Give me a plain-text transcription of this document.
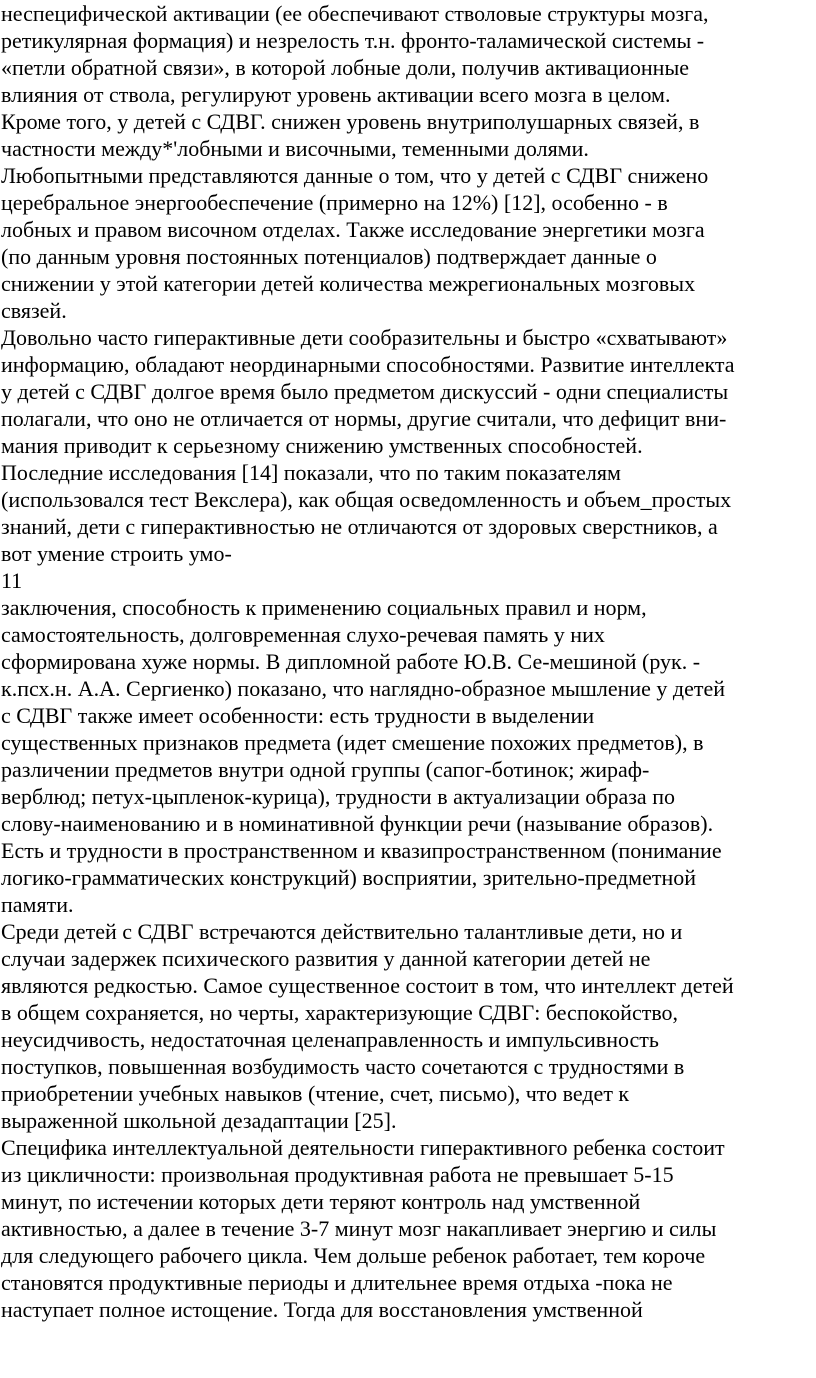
неспецифической активации (ее обеспечивают стволовые структуры мозга,
ретикулярная формация) и незрелость т.н. фронто-таламической системы -
«петли обратной связи», в которой лобные доли, получив активационные
влияния от ствола, регулируют уровень активации всего мозга в целом.
Кроме того, у детей с СДВГ. снижен уровень внутриполушарных связей, в
частности между*'лобными и височными, теменными долями.
Любопытными представляются данные о том, что у детей с СДВГ снижено
церебральное энергообеспечение (примерно на 12%) [12], особенно - в
лобных и правом височном отделах. Также исследование энергетики мозга
(по данным уровня постоянных потенциалов) подтверждает данные о
снижении у этой категории детей количества межрегиональных мозговых
связей.
Довольно часто гиперактивные дети сообразительны и быстро «схватывают»
информацию, обладают неординарными способностями. Развитие интеллекта
у детей с СДВГ долгое время было предметом дискуссий - одни специалисты
полагали, что оно не отличается от нормы, другие считали, что дефицит вни-
мания приводит к серьезному снижению умственных способностей.
Последние исследования [14] показали, что по таким показателям
(использовался тест Векслера), как общая осведомленность и объем_простых
знаний, дети с гиперактивностью не отличаются от здоровых сверстников, а
вот умение строить умо-
11
заключения, способность к применению социальных правил и норм,
самостоятельность, долговременная слухо-речевая память у них
сформирована хуже нормы. В дипломной работе Ю.В. Се-мешиной (рук. -
к.псх.н. А.А. Сергиенко) показано, что наглядно-образное мышление у детей
с СДВГ также имеет особенности: есть трудности в выделении
существенных признаков предмета (идет смешение похожих предметов), в
различении предметов внутри одной группы (сапог-ботинок; жираф-
верблюд; петух-цыпленок-курица), трудности в актуализации образа по
слову-наименованию и в номинативной функции речи (называние образов).
Есть и трудности в пространственном и квазипространственном (понимание
логико-грамматических конструкций) восприятии, зрительно-предметной
памяти.
Среди детей с СДВГ встречаются действительно талантливые дети, но и
случаи задержек психического развития у данной категории детей не
являются редкостью. Самое существенное состоит в том, что интеллект детей
в общем сохраняется, но черты, характеризующие СДВГ: беспокойство,
неусидчивость, недостаточная целенаправленность и импульсивность
поступков, повышенная возбудимость часто сочетаются с трудностями в
приобретении учебных навыков (чтение, счет, письмо), что ведет к
выраженной школьной дезадаптации [25].
Специфика интеллектуальной деятельности гиперактивного ребенка состоит
из цикличности: произвольная продуктивная работа не превышает 5-15
минут, по истечении которых дети теряют контроль над умственной
активностью, а далее в течение 3-7 минут мозг накапливает энергию и силы
для следующего рабочего цикла. Чем дольше ребенок работает, тем короче
становятся продуктивные периоды и длительнее время отдыха -пока не
наступает полное истощение. Тогда для восстановления умственной
